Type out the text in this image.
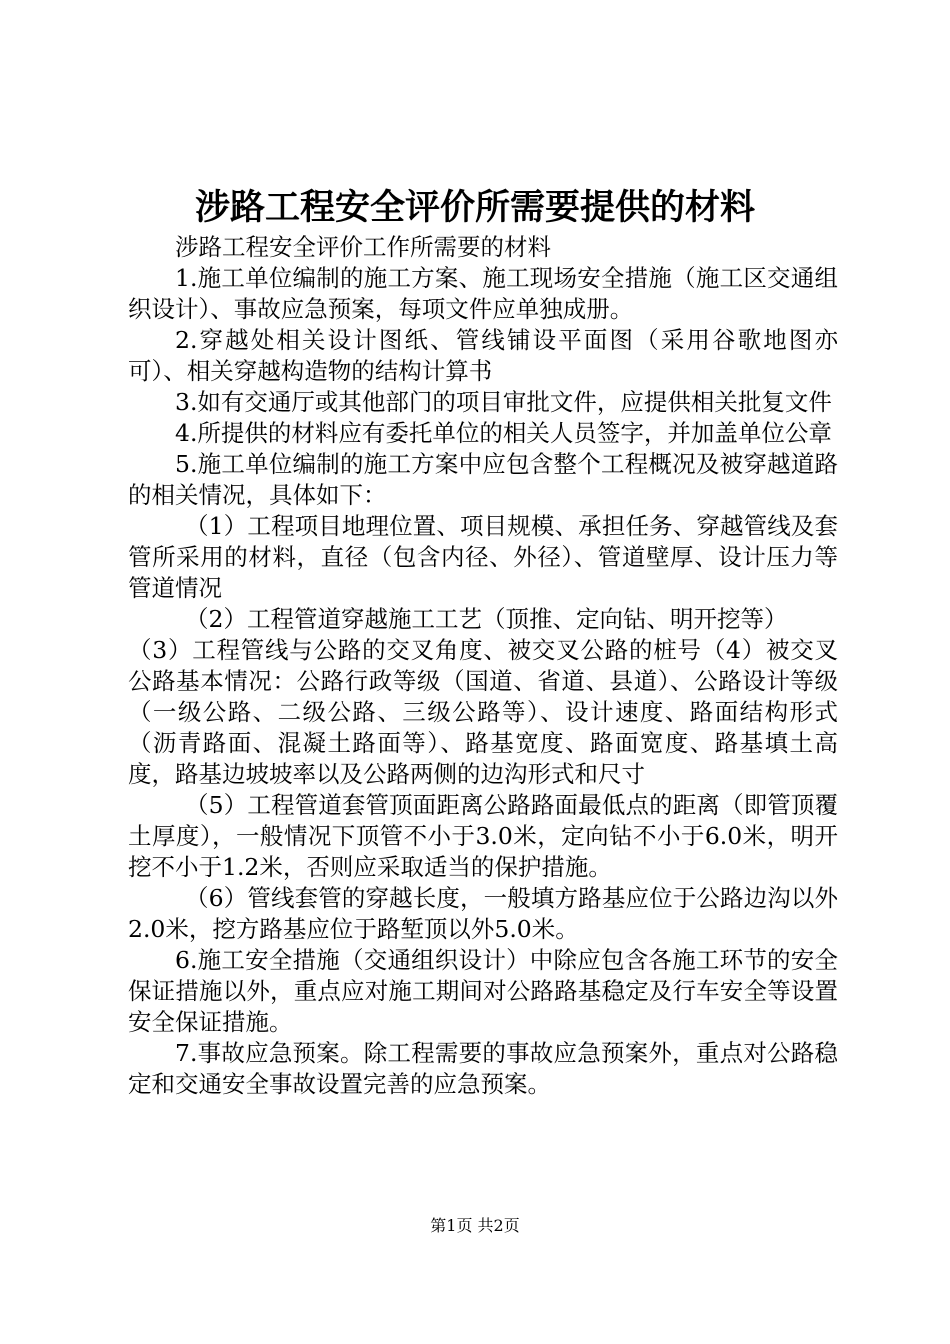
涉路工程安全评价所需要提供的材料

涉路工程安全评价工作所需要的材料

1.施工单位编制的施工方案、施工现场安全措施（施工区交通组织设计）、事故应急预案，每项文件应单独成册。

2.穿越处相关设计图纸、管线铺设平面图（采用谷歌地图亦可）、相关穿越构造物的结构计算书

3.如有交通厅或其他部门的项目审批文件，应提供相关批复文件

4.所提供的材料应有委托单位的相关人员签字，并加盖单位公章

5.施工单位编制的施工方案中应包含整个工程概况及被穿越道路的相关情况，具体如下：

（1）工程项目地理位置、项目规模、承担任务、穿越管线及套管所采用的材料，直径（包含内径、外径）、管道壁厚、设计压力等管道情况

（2）工程管道穿越施工工艺（顶推、定向钻、明开挖等）

（3）工程管线与公路的交叉角度、被交叉公路的桩号（4）被交叉公路基本情况：公路行政等级（国道、省道、县道）、公路设计等级（一级公路、二级公路、三级公路等）、设计速度、路面结构形式（沥青路面、混凝土路面等）、路基宽度、路面宽度、路基填土高度，路基边坡坡率以及公路两侧的边沟形式和尺寸

（5）工程管道套管顶面距离公路路面最低点的距离（即管顶覆土厚度），一般情况下顶管不小于3.0米，定向钻不小于6.0米，明开挖不小于1.2米，否则应采取适当的保护措施。

（6）管线套管的穿越长度，一般填方路基应位于公路边沟以外2.0米，挖方路基应位于路堑顶以外5.0米。

6.施工安全措施（交通组织设计）中除应包含各施工环节的安全保证措施以外，重点应对施工期间对公路路基稳定及行车安全等设置安全保证措施。

7.事故应急预案。除工程需要的事故应急预案外，重点对公路稳定和交通安全事故设置完善的应急预案。

第1页 共2页
